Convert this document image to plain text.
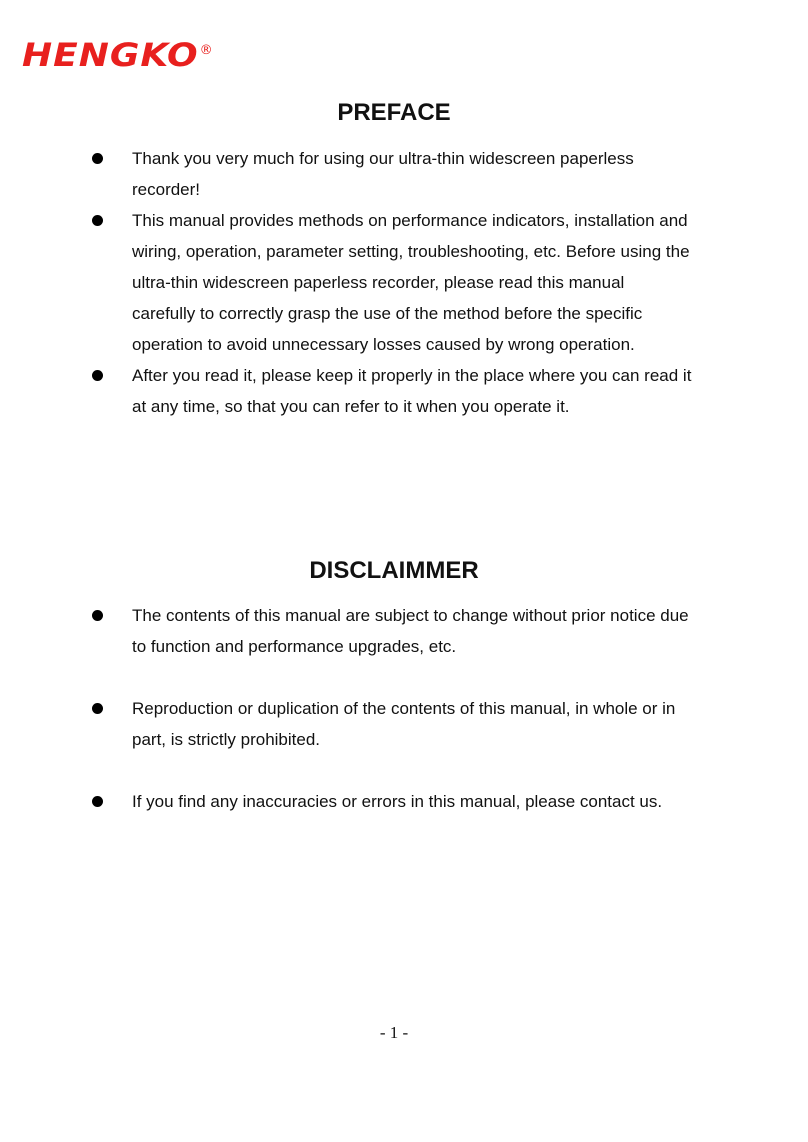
HENGKO ®
PREFACE
Thank you very much for using our ultra-thin widescreen paperless recorder!
This manual provides methods on performance indicators, installation and wiring, operation, parameter setting, troubleshooting, etc. Before using the ultra-thin widescreen paperless recorder, please read this manual carefully to correctly grasp the use of the method before the specific operation to avoid unnecessary losses caused by wrong operation.
After you read it, please keep it properly in the place where you can read it at any time, so that you can refer to it when you operate it.
DISCLAIMMER
The contents of this manual are subject to change without prior notice due to function and performance upgrades, etc.
Reproduction or duplication of the contents of this manual, in whole or in part, is strictly prohibited.
If you find any inaccuracies or errors in this manual, please contact us.
- 1 -
